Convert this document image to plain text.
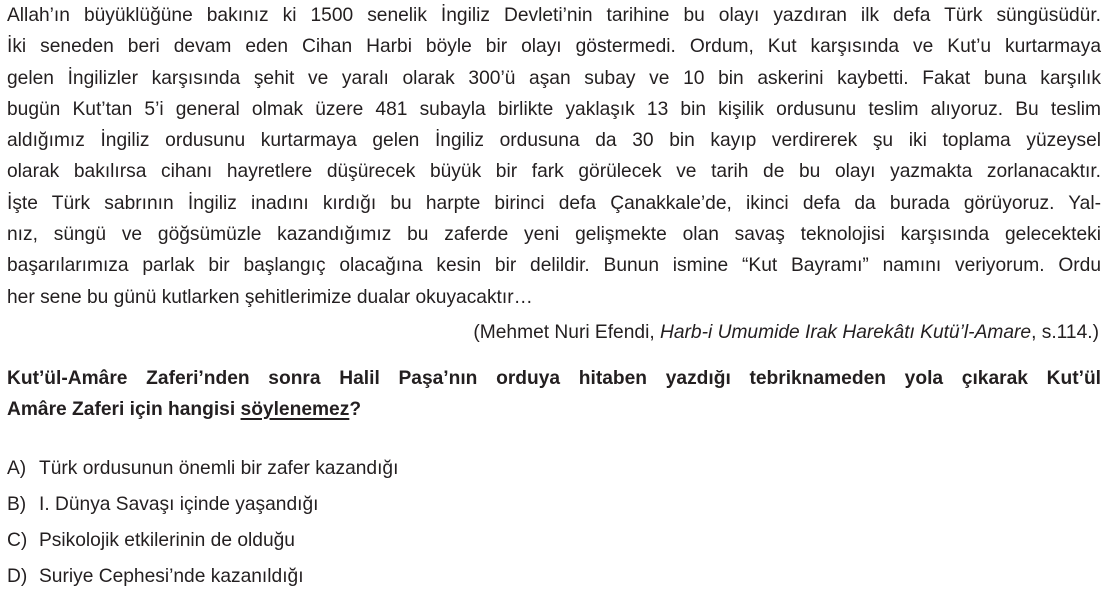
Allah’ın büyüklüğüne bakınız ki 1500 senelik İngiliz Devleti’nin tarihine bu olayı yazdıran ilk defa Türk süngüsüdür.
İki seneden beri devam eden Cihan Harbi böyle bir olayı göstermedi. Ordum, Kut karşısında ve Kut’u kurtarmaya
gelen İngilizler karşısında şehit ve yaralı olarak 300’ü aşan subay ve 10 bin askerini kaybetti. Fakat buna karşılık
bugün Kut’tan 5’i general olmak üzere 481 subayla birlikte yaklaşık 13 bin kişilik ordusunu teslim alıyoruz. Bu teslim
aldığımız İngiliz ordusunu kurtarmaya gelen İngiliz ordusuna da 30 bin kayıp verdirerek şu iki toplama yüzeysel
olarak bakılırsa cihanı hayretlere düşürecek büyük bir fark görülecek ve tarih de bu olayı yazmakta zorlanacaktır.
İşte Türk sabrının İngiliz inadını kırdığı bu harpte birinci defa Çanakkale’de, ikinci defa da burada görüyoruz. Yal-
nız, süngü ve göğsümüzle kazandığımız bu zaferde yeni gelişmekte olan savaş teknolojisi karşısında gelecekteki
başarılarımıza parlak bir başlangıç olacağına kesin bir delildir. Bunun ismine “Kut Bayramı” namını veriyorum. Ordu
her sene bu günü kutlarken şehitlerimize dualar okuyacaktır…
(Mehmet Nuri Efendi, Harb-i Umumide Irak Harekâtı Kutü’l-Amare, s.114.)
Kut’ül-Amâre Zaferi’nden sonra Halil Paşa’nın orduya hitaben yazdığı tebriknameden yola çıkarak Kut’ül
Amâre Zaferi için hangisi söylenemez?
A) Türk ordusunun önemli bir zafer kazandığı
B) I. Dünya Savaşı içinde yaşandığı
C) Psikolojik etkilerinin de olduğu
D) Suriye Cephesi’nde kazanıldığı
